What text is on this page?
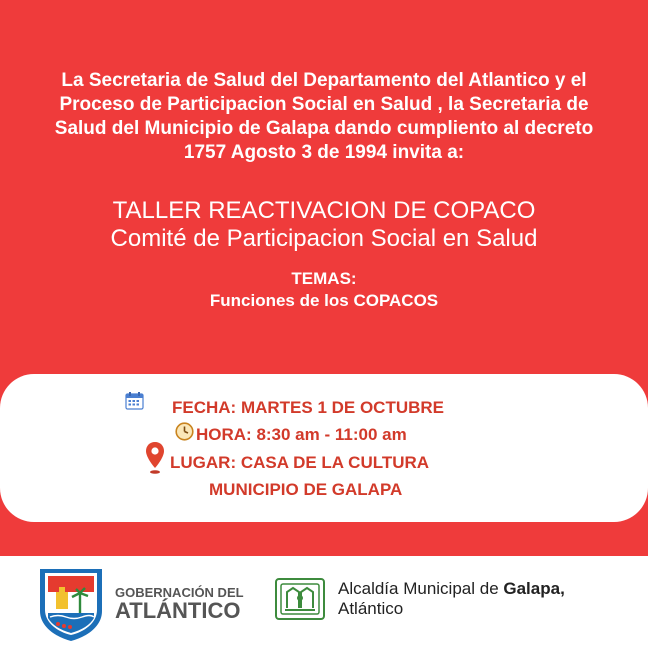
La Secretaria de Salud del Departamento del Atlantico y el
Proceso de Participacion Social en Salud , la Secretaria de
Salud del Municipio de Galapa dando cumpliento al decreto
1757 Agosto 3 de 1994 invita a:
TALLER REACTIVACION DE COPACO
Comité de Participacion Social en Salud
TEMAS:
Funciones de los COPACOS
FECHA: MARTES 1 DE OCTUBRE
HORA: 8:30 am - 11:00 am
LUGAR: CASA DE LA CULTURA
MUNICIPIO DE GALAPA
GOBERNACIÓN DEL
ATLÁNTICO
Alcaldía Municipal de Galapa,
Atlántico
